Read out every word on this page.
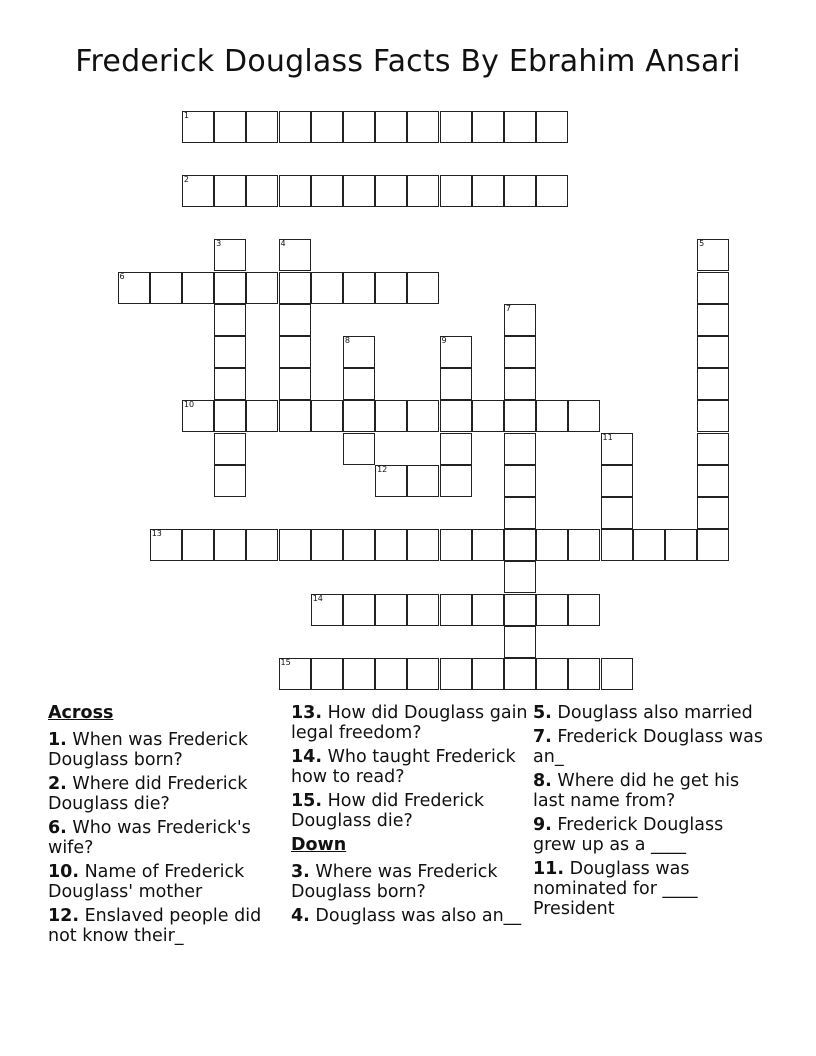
Frederick Douglass Facts By Ebrahim Ansari
1
2
3	4	5
6
7
8	9
10
11
12
13
14
15
Across
1. When was Frederick Douglass born?
2. Where did Frederick Douglass die?
6. Who was Frederick's wife?
10. Name of Frederick Douglass' mother
12. Enslaved people did not know their_
13. How did Douglass gain legal freedom?
14. Who taught Frederick how to read?
15. How did Frederick Douglass die?
Down
3. Where was Frederick Douglass born?
4. Douglass was also an__
5. Douglass also married
7. Frederick Douglass was an_
8. Where did he get his last name from?
9. Frederick Douglass grew up as a ____
11. Douglass was nominated for ____ President
